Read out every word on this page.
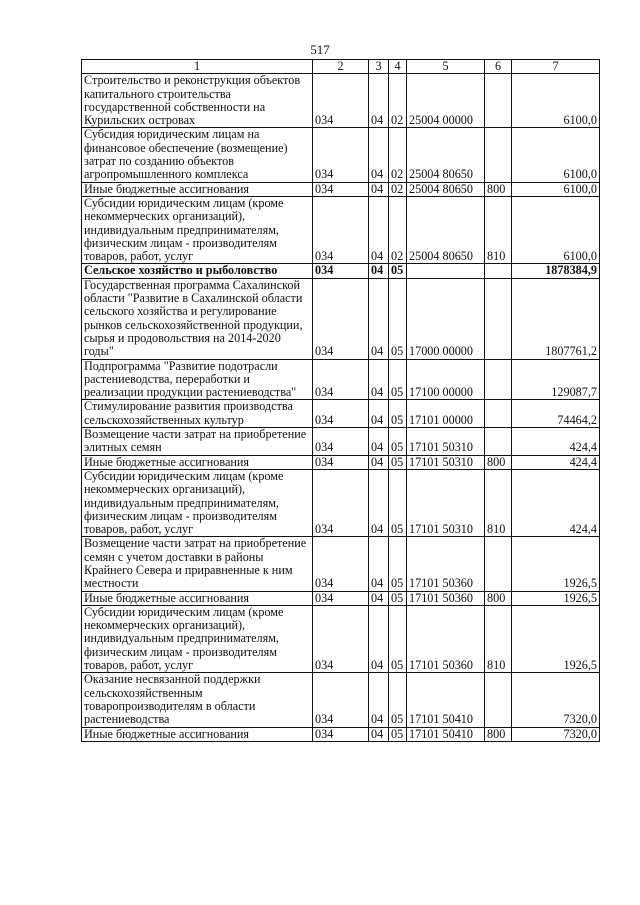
517
1	2	3	4	5	6	7
Строительство и реконструкция объектов капитального строительства государственной собственности на Курильских островах	034	04	02	25004 00000		6100,0
Субсидия юридическим лицам на финансовое обеспечение (возмещение) затрат по созданию объектов агропромышленного комплекса	034	04	02	25004 80650		6100,0
Иные бюджетные ассигнования	034	04	02	25004 80650	800	6100,0
Субсидии юридическим лицам (кроме некоммерческих организаций), индивидуальным предпринимателям, физическим лицам - производителям товаров, работ, услуг	034	04	02	25004 80650	810	6100,0
Сельское хозяйство и рыболовство	034	04	05			1878384,9
Государственная программа Сахалинской области "Развитие в Сахалинской области сельского хозяйства и регулирование рынков сельскохозяйственной продукции, сырья и продовольствия на 2014-2020 годы"	034	04	05	17000 00000		1807761,2
Подпрограмма "Развитие подотрасли растениеводства, переработки и реализации продукции растениеводства"	034	04	05	17100 00000		129087,7
Стимулирование развития производства сельскохозяйственных культур	034	04	05	17101 00000		74464,2
Возмещение части затрат на приобретение элитных семян	034	04	05	17101 50310		424,4
Иные бюджетные ассигнования	034	04	05	17101 50310	800	424,4
Субсидии юридическим лицам (кроме некоммерческих организаций), индивидуальным предпринимателям, физическим лицам - производителям товаров, работ, услуг	034	04	05	17101 50310	810	424,4
Возмещение части затрат на приобретение семян с учетом доставки в районы Крайнего Севера и приравненные к ним местности	034	04	05	17101 50360		1926,5
Иные бюджетные ассигнования	034	04	05	17101 50360	800	1926,5
Субсидии юридическим лицам (кроме некоммерческих организаций), индивидуальным предпринимателям, физическим лицам - производителям товаров, работ, услуг	034	04	05	17101 50360	810	1926,5
Оказание несвязанной поддержки сельскохозяйственным товаропроизводителям в области растениеводства	034	04	05	17101 50410		7320,0
Иные бюджетные ассигнования	034	04	05	17101 50410	800	7320,0
